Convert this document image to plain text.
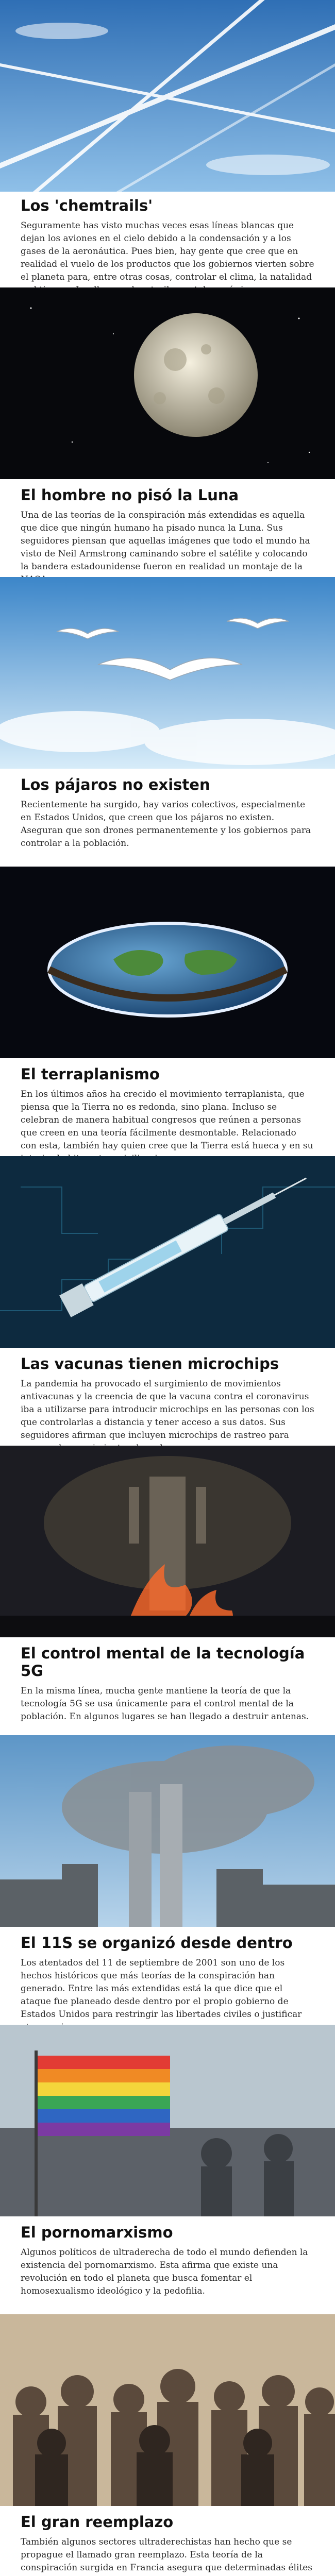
Los 'chemtrails'
Seguramente has visto muchas veces esas líneas blancas que dejan los aviones en el cielo debido a la condensación y a los gases de la aeronáutica. Pues bien, hay gente que cree que en realidad el vuelo de los productos que los gobiernos vierten sobre el planeta para, entre otras cosas, controlar el clima, la natalidad
El hombre no pisó la Luna
Una de las teorías de la conspiración más extendidas es aquella que dice que ningún humano ha pisado nunca la Luna. Sus seguidores piensan que aquellas imágenes que todo el mundo ha visto de Neil Armstrong caminando sobre el satélite y colocando la bandera estadounidense fueron en realidad un montaje de la
Los pájaros no existen
Recientemente ha surgido, hay varios colectivos, especialmente en Estados Unidos, que creen que los pájaros no existen. Aseguran que son drones permanentemente y los gobiernos para controlar a la población.
El terraplanismo
En los últimos años ha crecido el movimiento terraplanista, que piensa que la Tierra no es redonda, sino plana. Incluso se celebran de manera habitual congresos que reúnen a personas que creen en una teoría fácilmente desmontable. Relacionado con esta, también hay quien cree que la Tierra está hueca y en su
Las vacunas tienen microchips
La pandemia ha provocado el surgimiento de movimientos antivacunas y la creencia de que la vacuna contra el coronavirus iba a utilizarse para introducir microchips en las personas con los que controlarlas a distancia y tener acceso a sus datos. Sus seguidores afirman que incluyen microchips de rastreo para
El control mental de la tecnología 5G
En la misma línea, mucha gente mantiene la teoría de que la tecnología 5G se usa únicamente para el control mental de la población. En algunos lugares se han llegado a destruir antenas.
El 11S se organizó desde dentro
Los atentados del 11 de septiembre de 2001 son uno de los hechos históricos que más teorías de la conspiración han generado. Entre las más extendidas está la que dice que el ataque fue planeado desde dentro por el propio gobierno de Estados Unidos para restringir las libertades civiles o justificar
El pornomarxismo
Algunos políticos de ultraderecha de todo el mundo defienden la existencia del pornomarxismo. Esta afirma que existe una revolución en todo el planeta que busca fomentar el homosexualismo ideológico y la pedofilia.
El gran reemplazo
También algunos sectores ultraderechistas han hecho que se propague el llamado gran reemplazo. Esta teoría de la conspiración surgida en Francia asegura que determinadas élites
